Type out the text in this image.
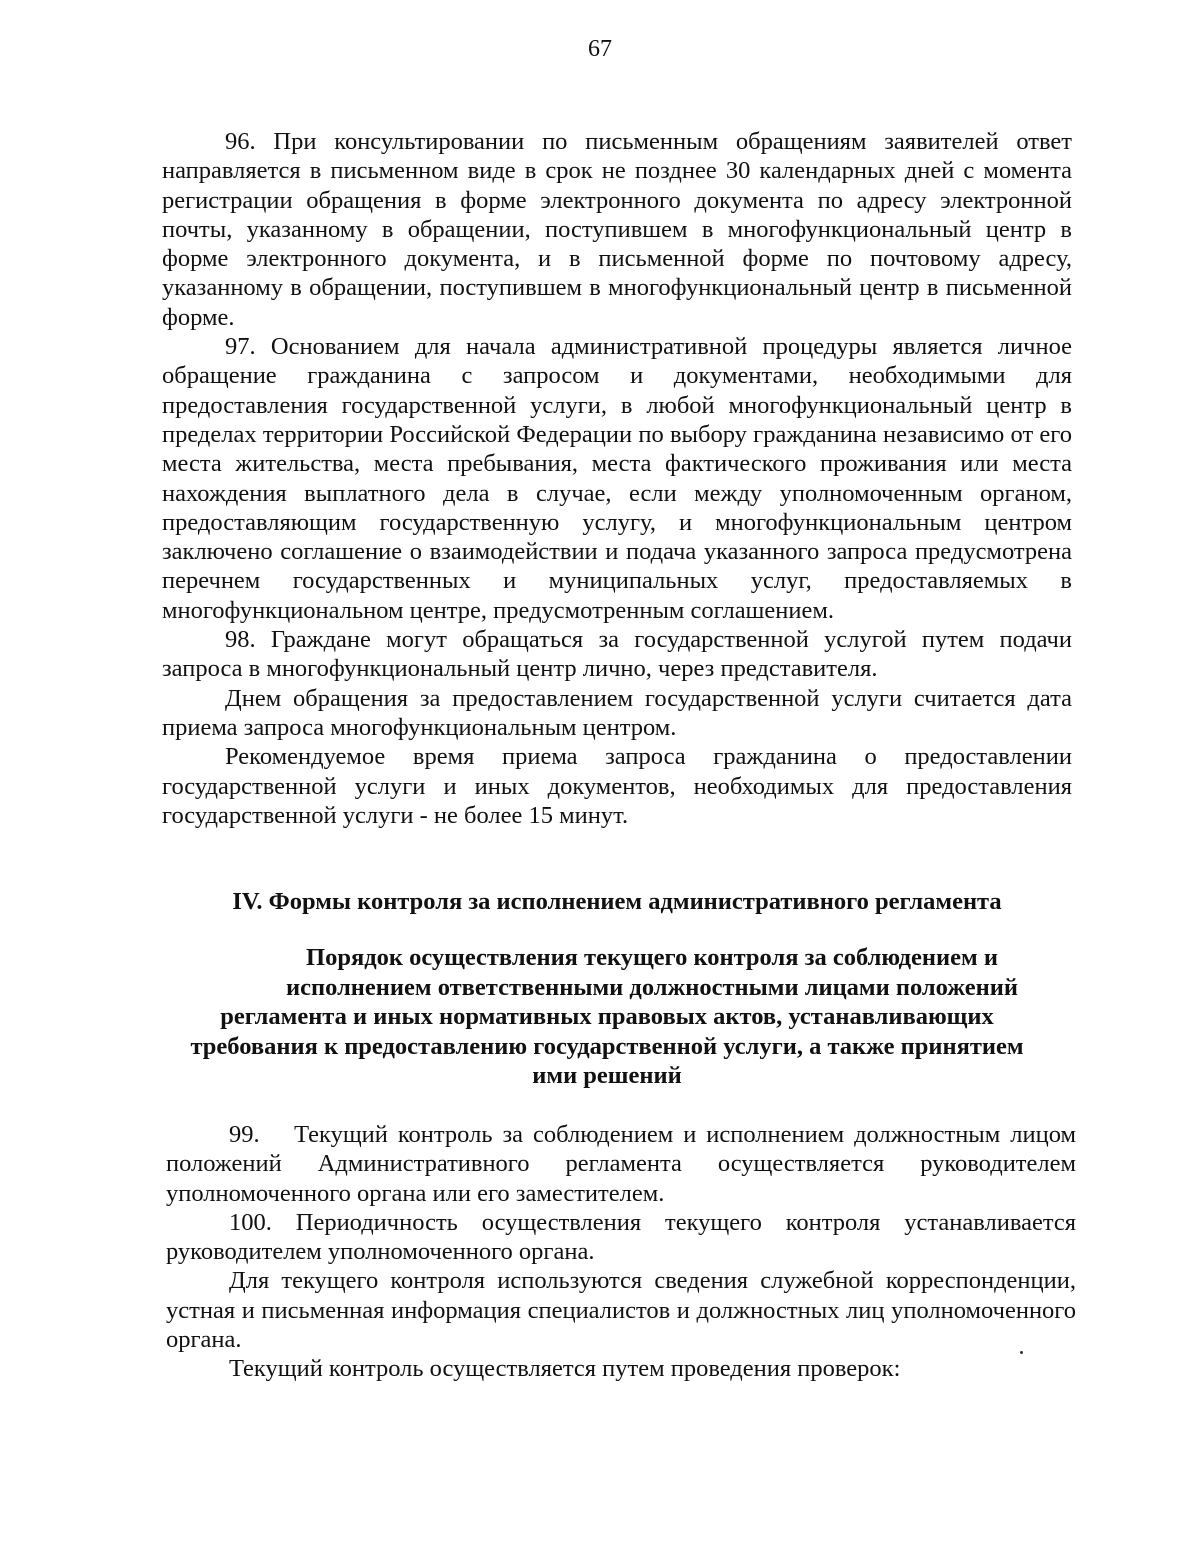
67

96. При консультировании по письменным обращениям заявителей ответ направляется в письменном виде в срок не позднее 30 календарных дней с момента регистрации обращения в форме электронного документа по адресу электронной почты, указанному в обращении, поступившем в многофункциональный центр в форме электронного документа, и в письменной форме по почтовому адресу, указанному в обращении, поступившем в многофункциональный центр в письменной форме.

97. Основанием для начала административной процедуры является личное обращение гражданина с запросом и документами, необходимыми для предоставления государственной услуги, в любой многофункциональный центр в пределах территории Российской Федерации по выбору гражданина независимо от его места жительства, места пребывания, места фактического проживания или места нахождения выплатного дела в случае, если между уполномоченным органом, предоставляющим государственную услугу, и многофункциональным центром заключено соглашение о взаимодействии и подача указанного запроса предусмотрена перечнем государственных и муниципальных услуг, предоставляемых в многофункциональном центре, предусмотренным соглашением.

98. Граждане могут обращаться за государственной услугой путем подачи запроса в многофункциональный центр лично, через представителя.

Днем обращения за предоставлением государственной услуги считается дата приема запроса многофункциональным центром.

Рекомендуемое время приема запроса гражданина о предоставлении государственной услуги и иных документов, необходимых для предоставления государственной услуги - не более 15 минут.

IV. Формы контроля за исполнением административного регламента
Порядок осуществления текущего контроля за соблюдением и
исполнением ответственными должностными лицами положений
регламента и иных нормативных правовых актов, устанавливающих
требования к предоставлению государственной услуги, а также принятием
ими решений

99.  Текущий контроль за соблюдением и исполнением должностным лицом положений Административного регламента осуществляется руководителем уполномоченного органа или его заместителем.

100. Периодичность осуществления текущего контроля устанавливается руководителем уполномоченного органа.

Для текущего контроля используются сведения служебной корреспонденции, устная и письменная информация специалистов и должностных лиц уполномоченного органа.

Текущий контроль осуществляется путем проведения проверок:
